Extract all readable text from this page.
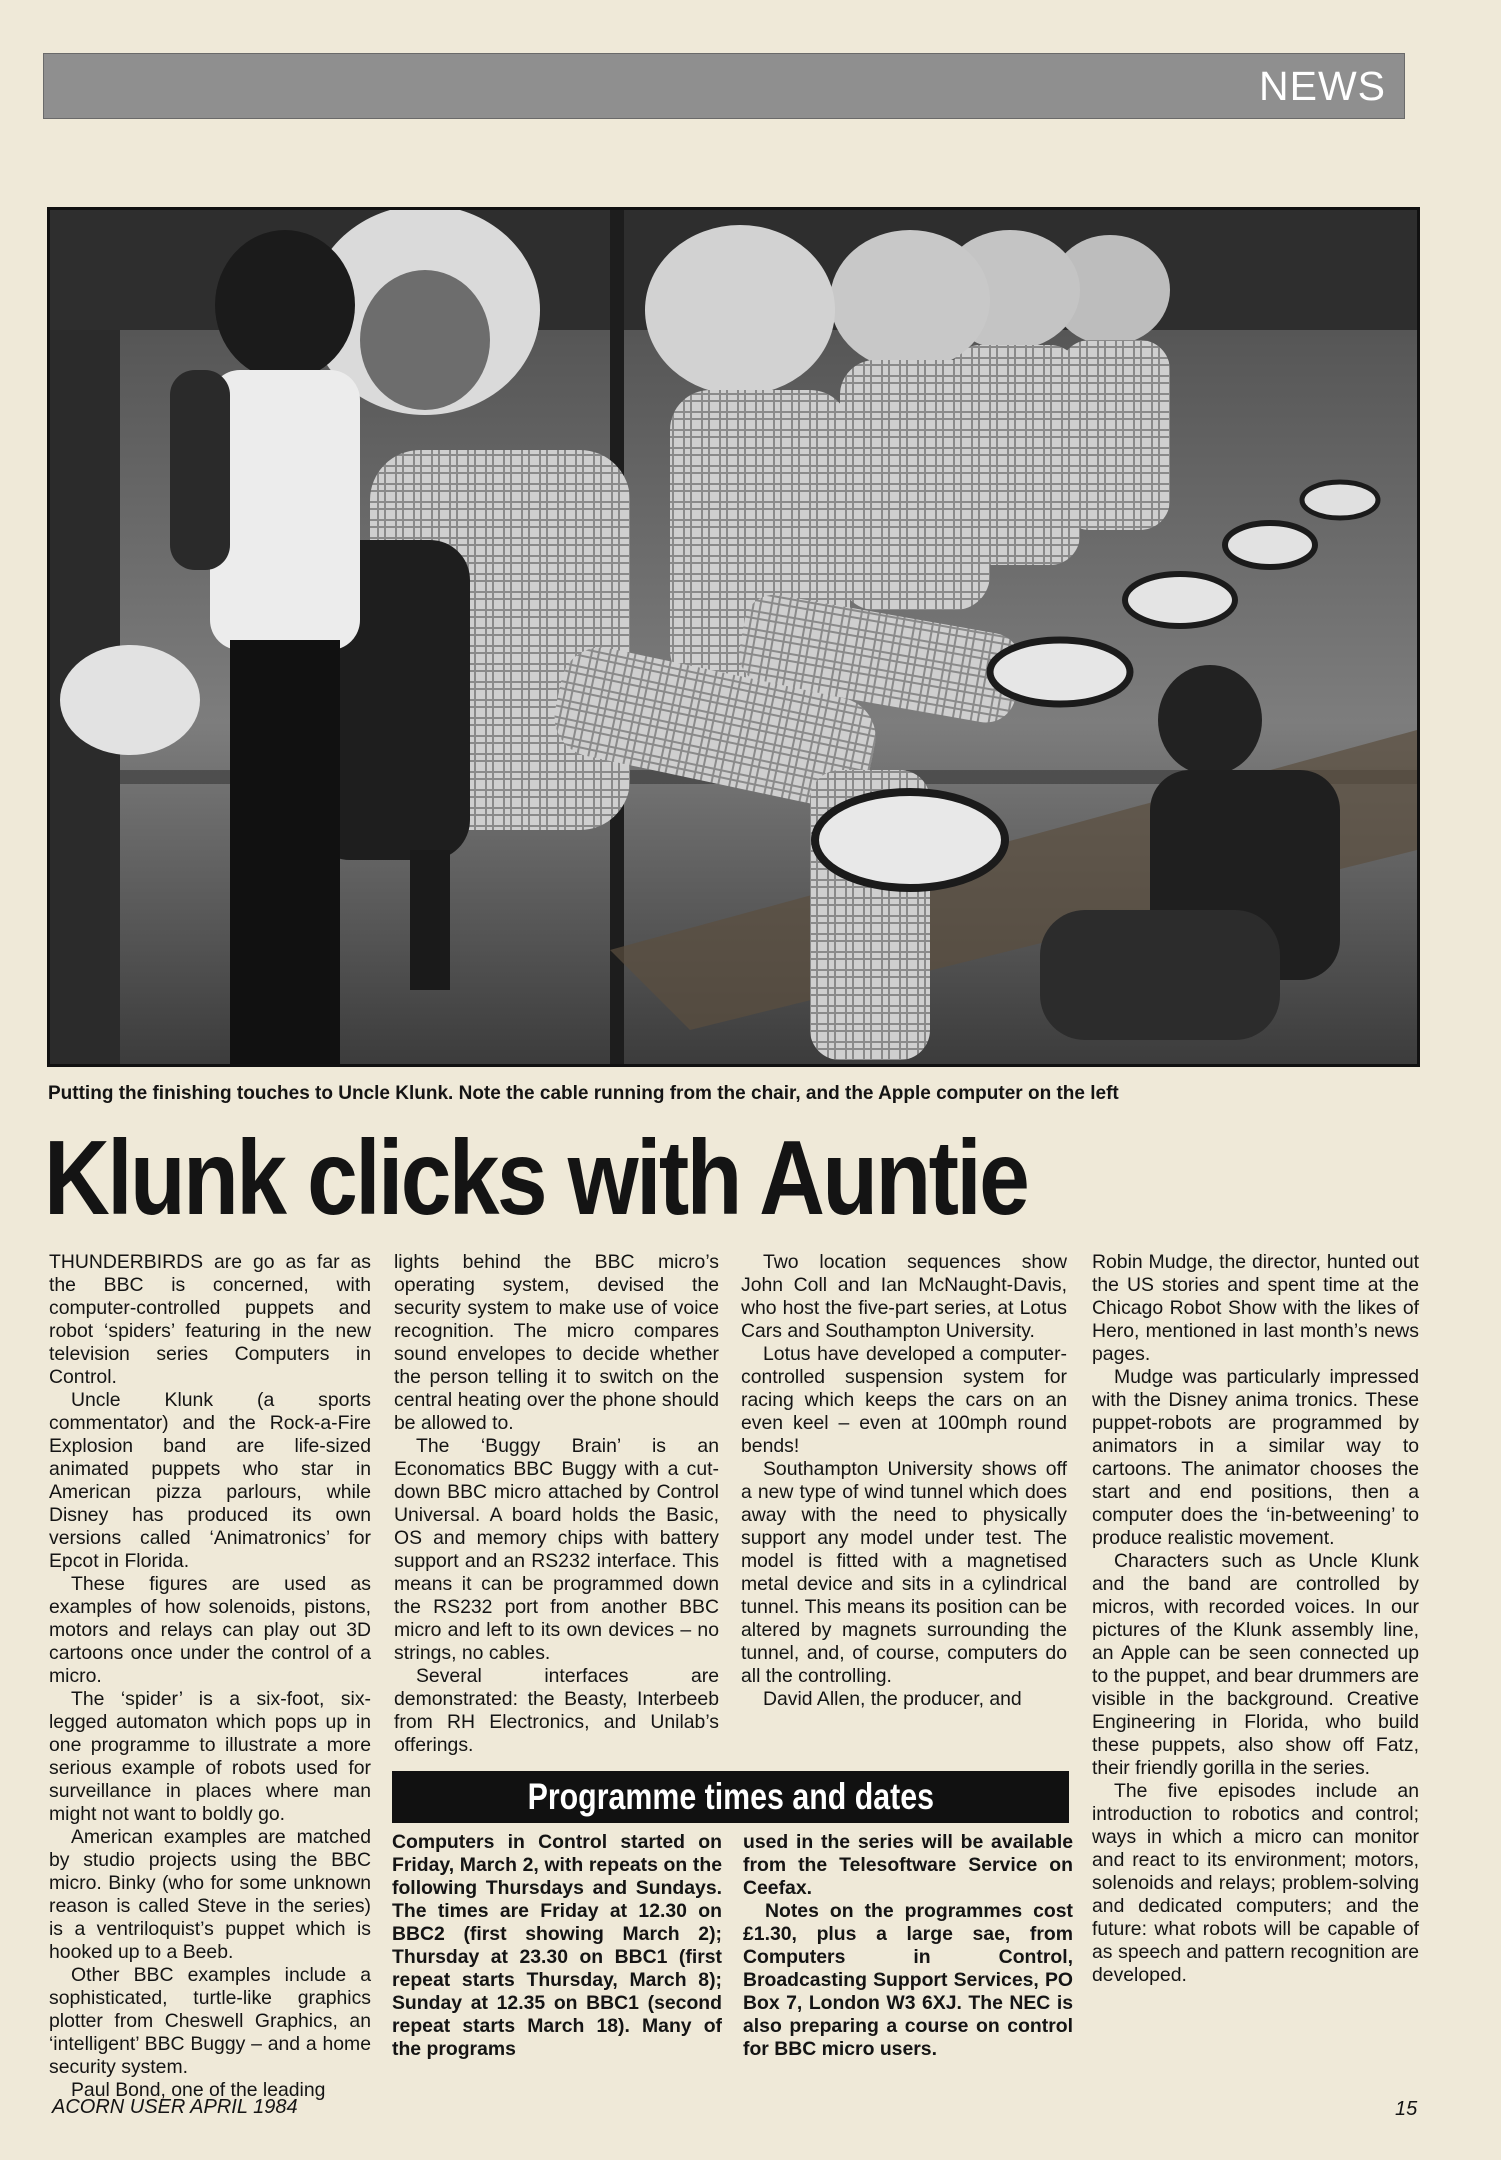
NEWS
Putting the finishing touches to Uncle Klunk. Note the cable running from the chair, and the Apple computer on the left
Klunk clicks with Auntie

THUNDERBIRDS are go as far as the BBC is concerned, with computer-controlled puppets and robot ‘spiders’ featuring in the new television series Computers in Control.

Uncle Klunk (a sports commentator) and the Rock-a-Fire Explosion band are life-sized animated puppets who star in American pizza parlours, while Disney has produced its own versions called ‘Animatronics’ for Epcot in Florida.

These figures are used as examples of how solenoids, pistons, motors and relays can play out 3D cartoons once under the control of a micro.

The ‘spider’ is a six-foot, six-legged automaton which pops up in one programme to illustrate a more serious example of robots used for surveillance in places where man might not want to boldly go.

American examples are matched by studio projects using the BBC micro. Binky (who for some unknown reason is called Steve in the series) is a ventriloquist’s puppet which is hooked up to a Beeb.

Other BBC examples include a sophisticated, turtle-like graphics plotter from Cheswell Graphics, an ‘intelligent’ BBC Buggy – and a home security system.

Paul Bond, one of the leading

lights behind the BBC micro’s operating system, devised the security system to make use of voice recognition. The micro compares sound envelopes to decide whether the person telling it to switch on the central heating over the phone should be allowed to.

The ‘Buggy Brain’ is an Economatics BBC Buggy with a cut-down BBC micro attached by Control Universal. A board holds the Basic, OS and memory chips with battery support and an RS232 interface. This means it can be programmed down the RS232 port from another BBC micro and left to its own devices – no strings, no cables.

Several interfaces are demonstrated: the Beasty, Interbeeb from RH Electronics, and Unilab’s offerings.

Two location sequences show John Coll and Ian McNaught-Davis, who host the five-part series, at Lotus Cars and Southampton University.

Lotus have developed a computer-controlled suspension system for racing which keeps the cars on an even keel – even at 100mph round bends!

Southampton University shows off a new type of wind tunnel which does away with the need to physically support any model under test. The model is fitted with a magnetised metal device and sits in a cylindrical tunnel. This means its position can be altered by magnets surrounding the tunnel, and, of course, computers do all the controlling.

David Allen, the producer, and

Robin Mudge, the director, hunted out the US stories and spent time at the Chicago Robot Show with the likes of Hero, mentioned in last month’s news pages.

Mudge was particularly impressed with the Disney anima tronics. These puppet-robots are programmed by animators in a similar way to cartoons. The animator chooses the start and end positions, then a computer does the ‘in-betweening’ to produce realistic movement.

Characters such as Uncle Klunk and the band are controlled by micros, with recorded voices. In our pictures of the Klunk assembly line, an Apple can be seen connected up to the puppet, and bear drummers are visible in the background. Creative Engineering in Florida, who build these puppets, also show off Fatz, their friendly gorilla in the series.

The five episodes include an introduction to robotics and control; ways in which a micro can monitor and react to its environment; motors, solenoids and relays; problem-solving and dedicated computers; and the future: what robots will be capable of as speech and pattern recognition are developed.

Programme times and dates

Computers in Control started on Friday, March 2, with repeats on the following Thursdays and Sundays. The times are Friday at 12.30 on BBC2 (first showing March 2); Thursday at 23.30 on BBC1 (first repeat starts Thursday, March 8); Sunday at 12.35 on BBC1 (second repeat starts March 18). Many of the programs

used in the series will be available from the Telesoftware Service on Ceefax.

Notes on the programmes cost £1.30, plus a large sae, from Computers in Control, Broadcasting Support Services, PO Box 7, London W3 6XJ. The NEC is also preparing a course on control for BBC micro users.

ACORN USER APRIL 1984	15
